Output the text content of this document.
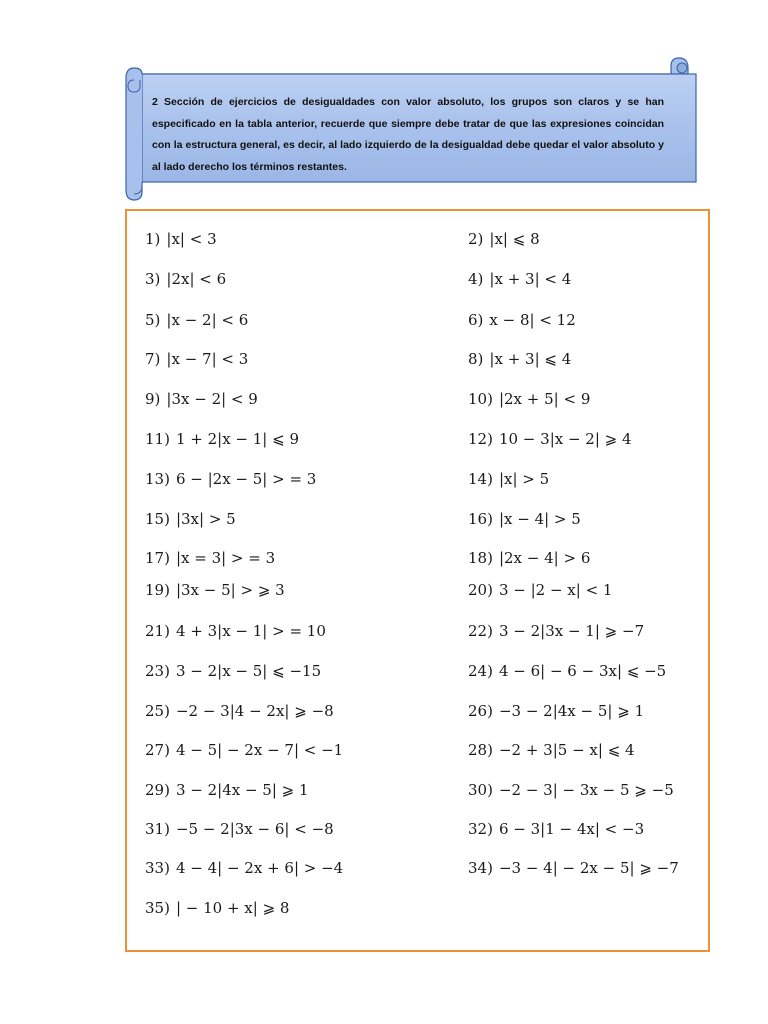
2 Sección de ejercicios de desigualdades con valor absoluto, los grupos son claros y se han especificado en la tabla anterior, recuerde que siempre debe tratar de que las expresiones coincidan con la estructura general, es decir, al lado izquierdo de la desigualdad debe quedar el valor absoluto y al lado derecho los términos restantes.

1) |x| < 3	2) |x| ⩽ 8
3) |2x| < 6	4) |x + 3| < 4
5) |x − 2| < 6	6) x − 8| < 12
7) |x − 7| < 3	8) |x + 3| ⩽ 4
9) |3x − 2| < 9	10) |2x + 5| < 9
11) 1 + 2|x − 1| ⩽ 9	12) 10 − 3|x − 2| ⩾ 4
13) 6 − |2x − 5| > = 3	14) |x| > 5
15) |3x| > 5	16) |x − 4| > 5
17) |x = 3| > = 3	18) |2x − 4| > 6
19) |3x − 5| > ⩾ 3	20) 3 − |2 − x| < 1
21) 4 + 3|x − 1| > = 10	22) 3 − 2|3x − 1| ⩾ −7
23) 3 − 2|x − 5| ⩽ −15	24) 4 − 6| − 6 − 3x| ⩽ −5
25) −2 − 3|4 − 2x| ⩾ −8	26) −3 − 2|4x − 5| ⩾ 1
27) 4 − 5| − 2x − 7| < −1	28) −2 + 3|5 − x| ⩽ 4
29) 3 − 2|4x − 5| ⩾ 1	30) −2 − 3| − 3x − 5 ⩾ −5
31) −5 − 2|3x − 6| < −8	32) 6 − 3|1 − 4x| < −3
33) 4 − 4| − 2x + 6| > −4	34) −3 − 4| − 2x − 5| ⩾ −7
35) | − 10 + x| ⩾ 8
